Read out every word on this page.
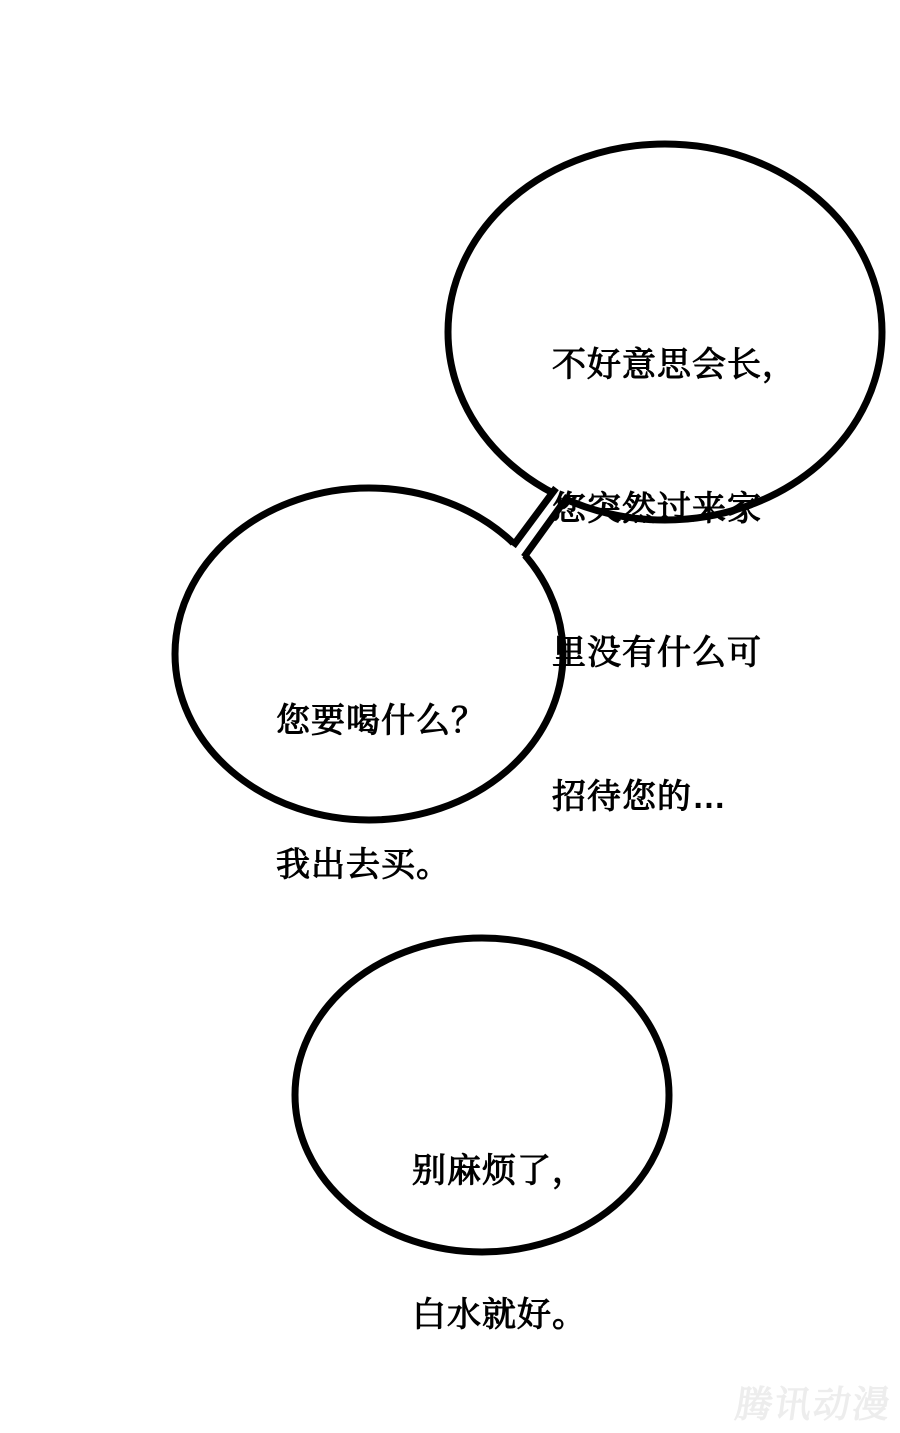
不好意思会长，

您突然过来家

里没有什么可

招待您的…

您要喝什么？

我出去买。

别麻烦了，

白水就好。

腾讯动漫
